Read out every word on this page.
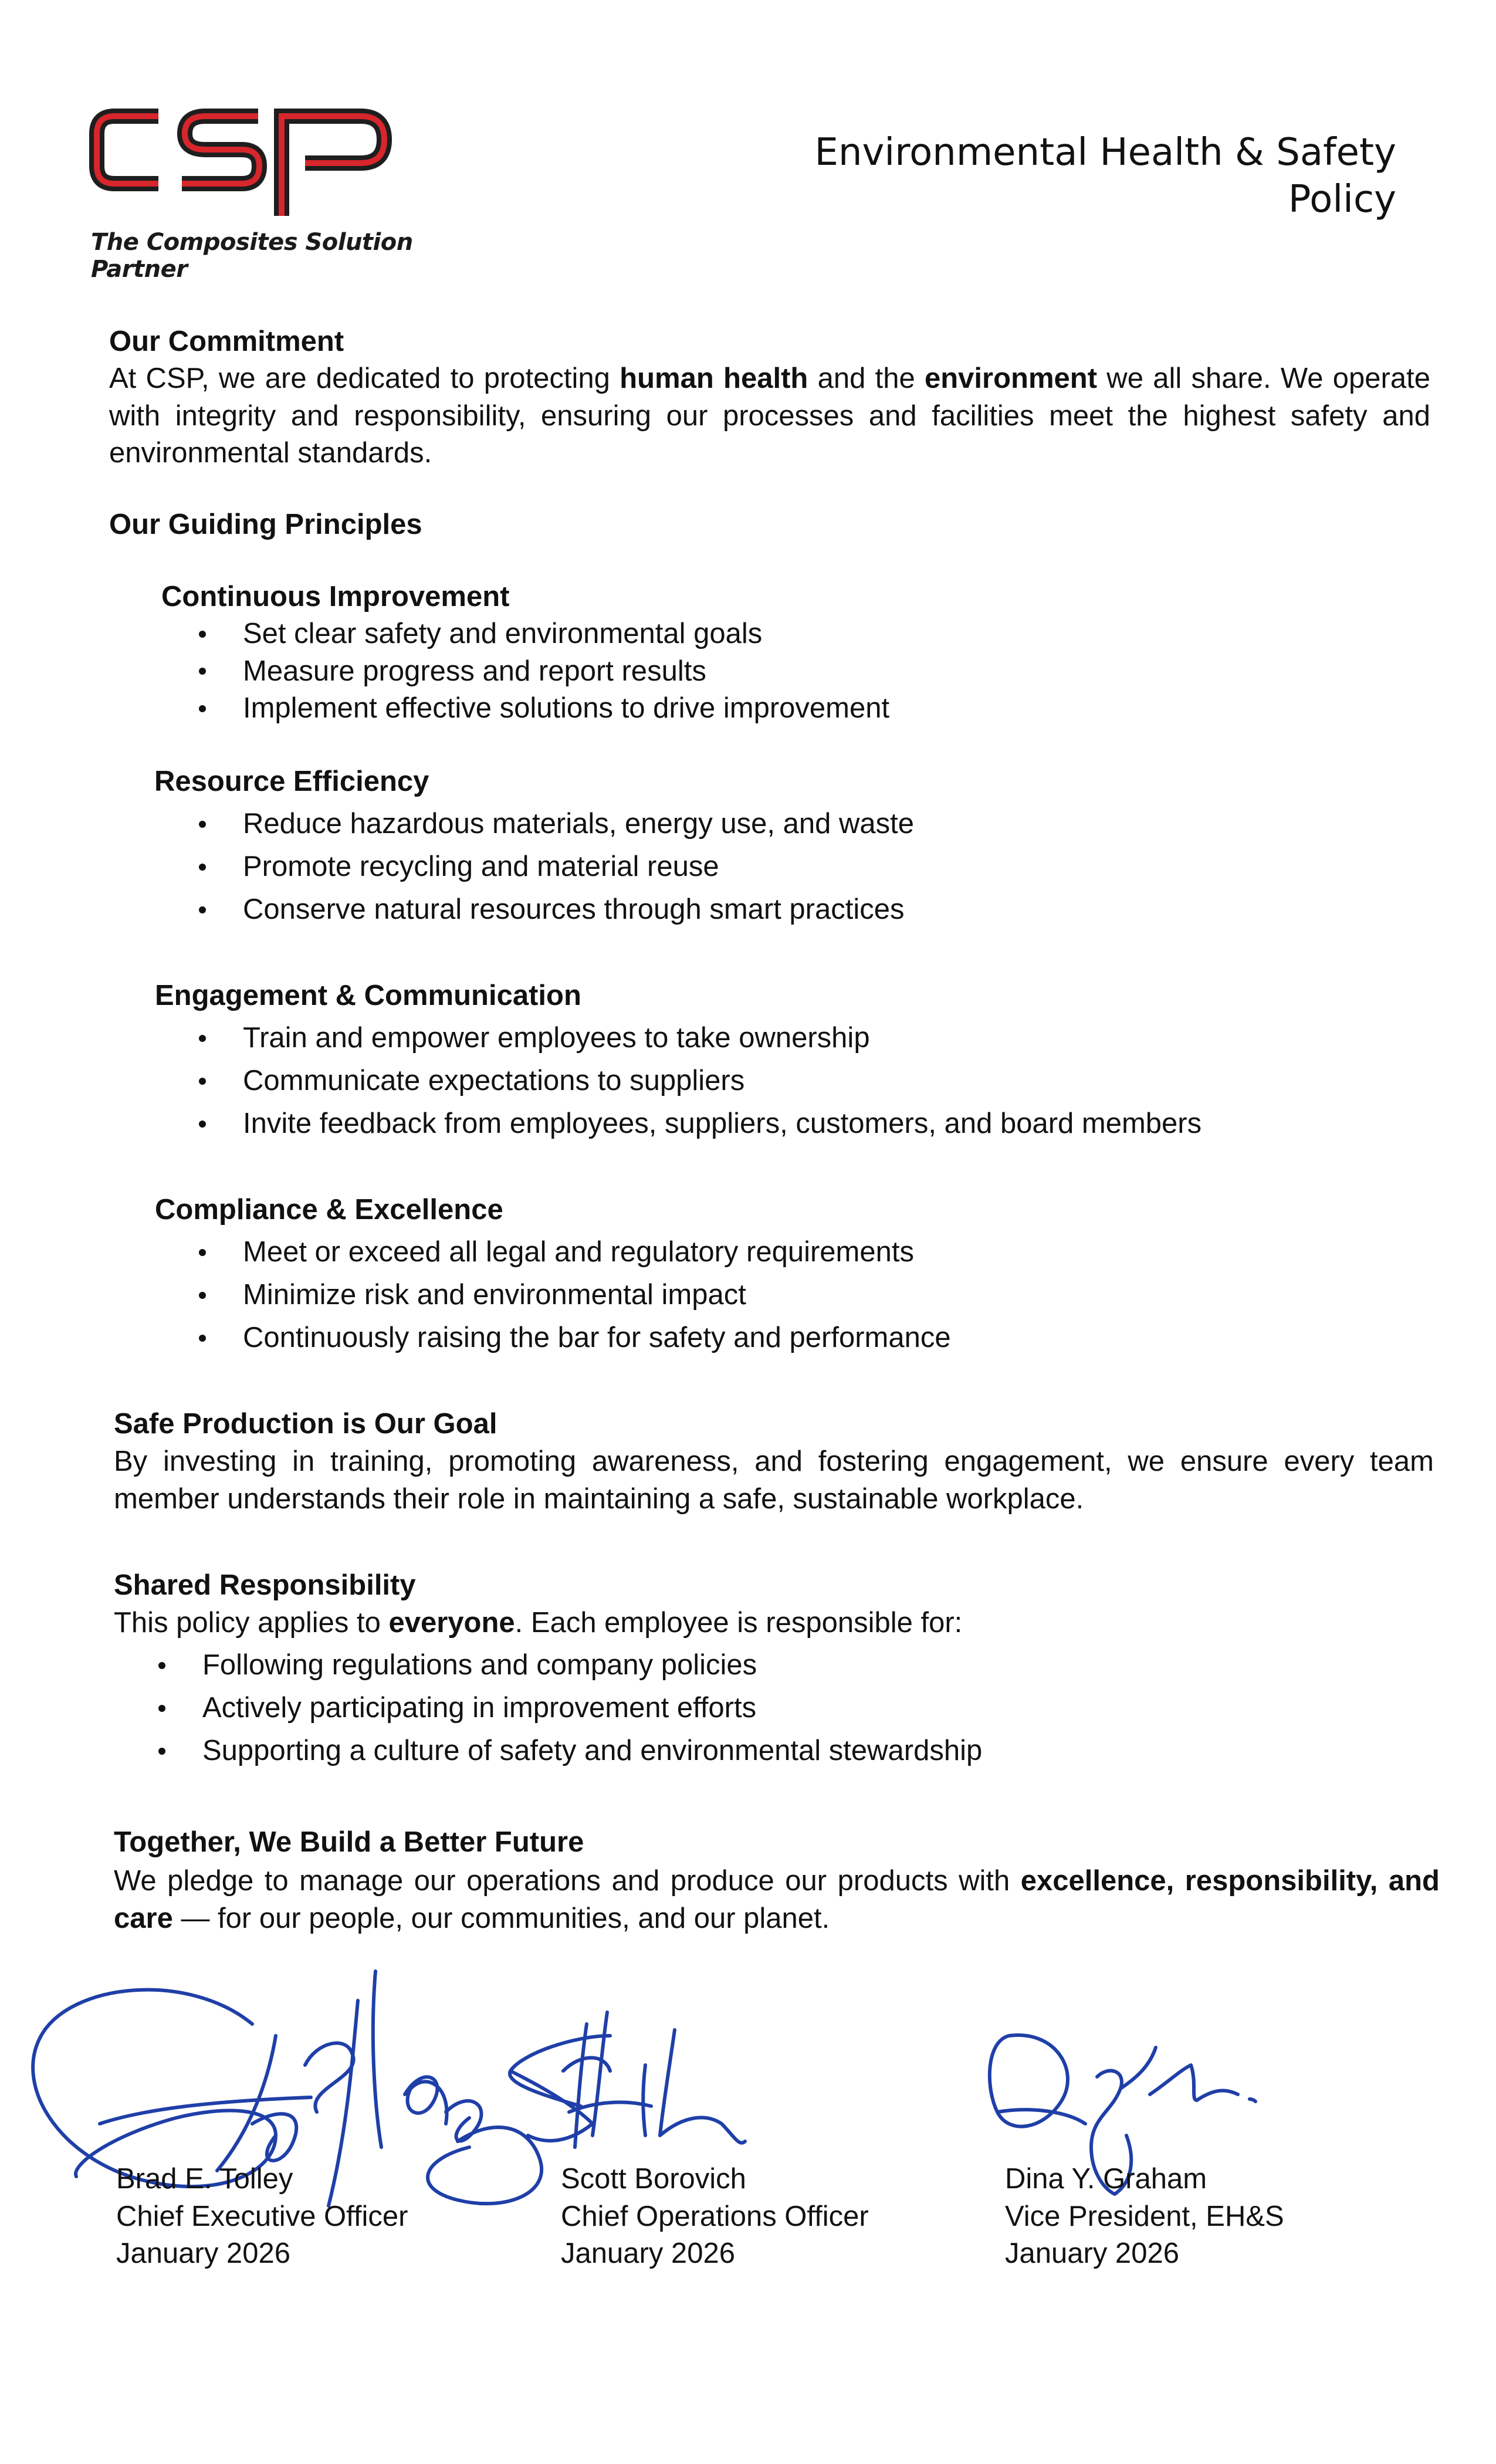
The Composites Solution Partner
Environmental Health & Safety
Policy
Our Commitment
At CSP, we are dedicated to protecting human health and the environment we all share. We operate with integrity and responsibility, ensuring our processes and facilities meet the highest safety and environmental standards.
Our Guiding Principles
Continuous Improvement
Set clear safety and environmental goals
Measure progress and report results
Implement effective solutions to drive improvement
Resource Efficiency
Reduce hazardous materials, energy use, and waste
Promote recycling and material reuse
Conserve natural resources through smart practices
Engagement & Communication
Train and empower employees to take ownership
Communicate expectations to suppliers
Invite feedback from employees, suppliers, customers, and board members
Compliance & Excellence
Meet or exceed all legal and regulatory requirements
Minimize risk and environmental impact
Continuously raising the bar for safety and performance
Safe Production is Our Goal
By investing in training, promoting awareness, and fostering engagement, we ensure every team member understands their role in maintaining a safe, sustainable workplace.
Shared Responsibility
This policy applies to everyone. Each employee is responsible for:
Following regulations and company policies
Actively participating in improvement efforts
Supporting a culture of safety and environmental stewardship
Together, We Build a Better Future
We pledge to manage our operations and produce our products with excellence, responsibility, and care — for our people, our communities, and our planet.
Brad E. Tolley
Chief Executive Officer
January 2026
Scott Borovich
Chief Operations Officer
January 2026
Dina Y. Graham
Vice President, EH&S
January 2026
